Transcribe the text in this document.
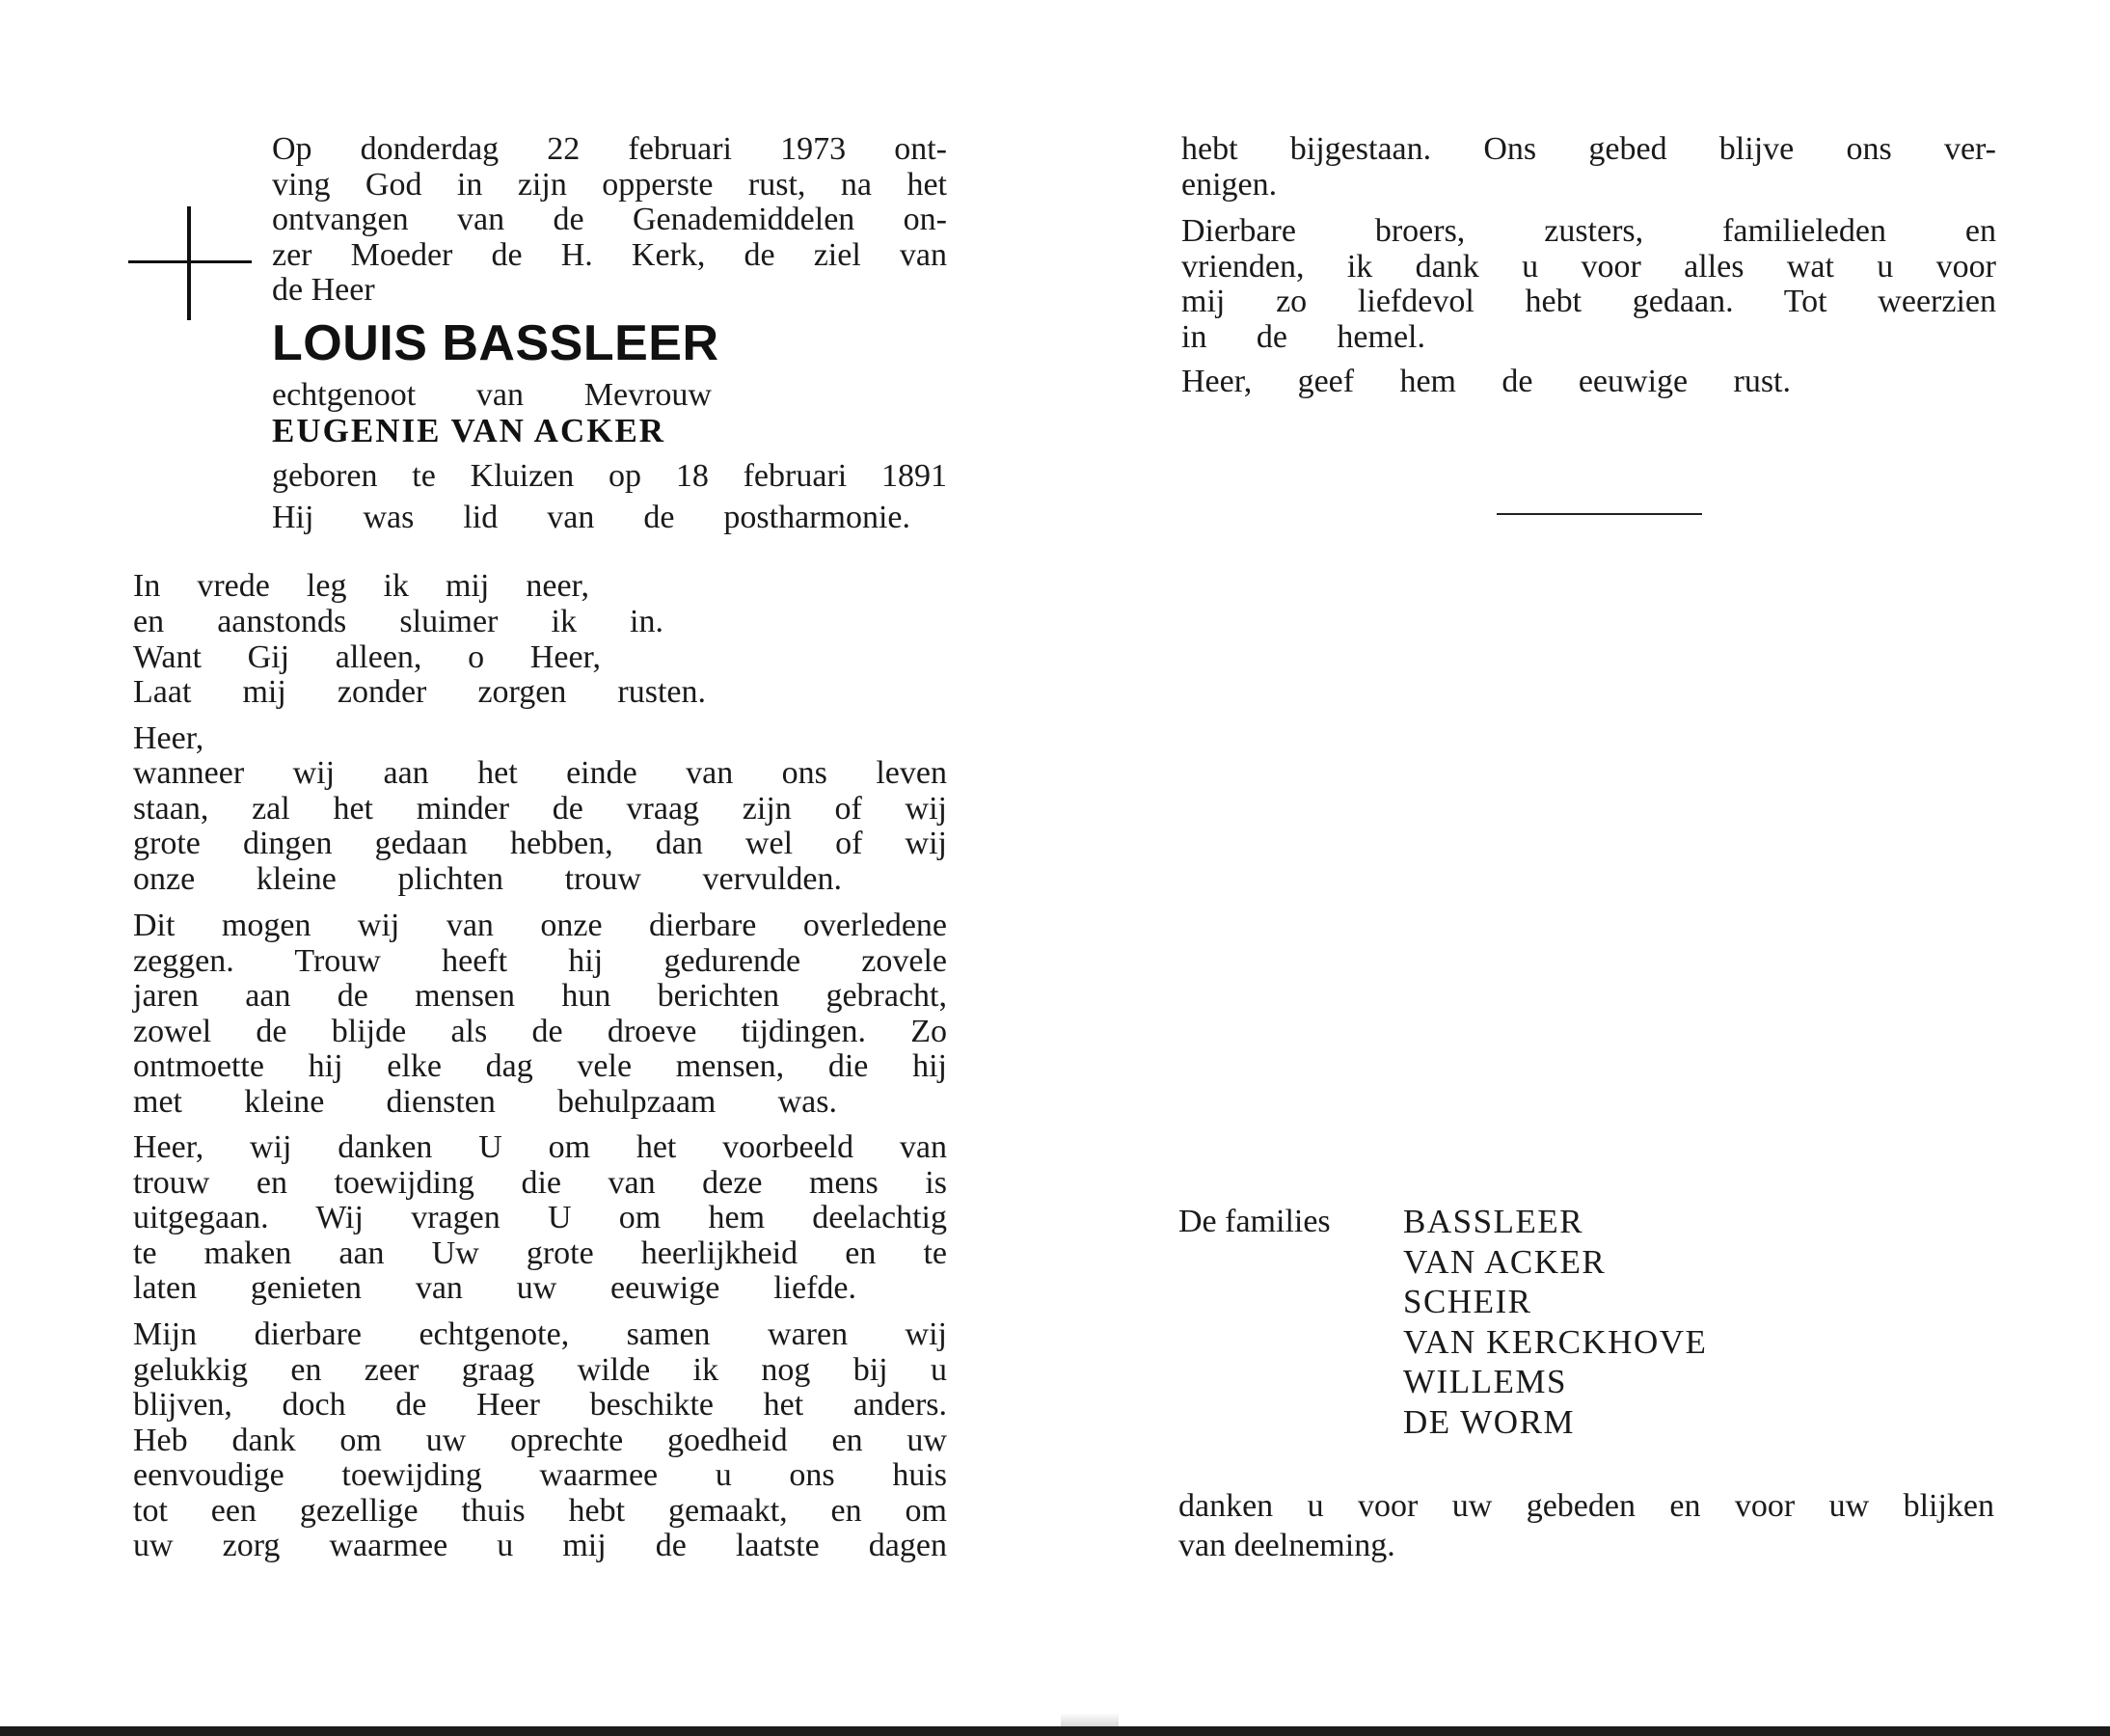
Op donderdag 22 februari 1973 ont-
ving God in zijn opperste rust, na het
ontvangen van de Genademiddelen on-
zer Moeder de H. Kerk, de ziel van
de Heer
LOUIS BASSLEER
echtgenoot van Mevrouw
EUGENIE VAN ACKER
geboren te Kluizen op 18 februari 1891
Hij was lid van de postharmonie.
In vrede leg ik mij neer,
en aanstonds sluimer ik in.
Want Gij alleen, o Heer,
Laat mij zonder zorgen rusten.
Heer,
wanneer wij aan het einde van ons leven
staan, zal het minder de vraag zijn of wij
grote dingen gedaan hebben, dan wel of wij
onze kleine plichten trouw vervulden.
Dit mogen wij van onze dierbare overledene
zeggen. Trouw heeft hij gedurende zovele
jaren aan de mensen hun berichten gebracht,
zowel de blijde als de droeve tijdingen. Zo
ontmoette hij elke dag vele mensen, die hij
met kleine diensten behulpzaam was.
Heer, wij danken U om het voorbeeld van
trouw en toewijding die van deze mens is
uitgegaan. Wij vragen U om hem deelachtig
te maken aan Uw grote heerlijkheid en te
laten genieten van uw eeuwige liefde.
Mijn dierbare echtgenote, samen waren wij
gelukkig en zeer graag wilde ik nog bij u
blijven, doch de Heer beschikte het anders.
Heb dank om uw oprechte goedheid en uw
eenvoudige toewijding waarmee u ons huis
tot een gezellige thuis hebt gemaakt, en om
uw zorg waarmee u mij de laatste dagen
hebt bijgestaan. Ons gebed blijve ons ver-
enigen.
Dierbare broers, zusters, familieleden en
vrienden, ik dank u voor alles wat u voor
mij zo liefdevol hebt gedaan. Tot weerzien
in de hemel.
Heer, geef hem de eeuwige rust.
De families BASSLEER
VAN ACKER
SCHEIR
VAN KERCKHOVE
WILLEMS
DE WORM
danken u voor uw gebeden en voor uw blijken
van deelneming.
